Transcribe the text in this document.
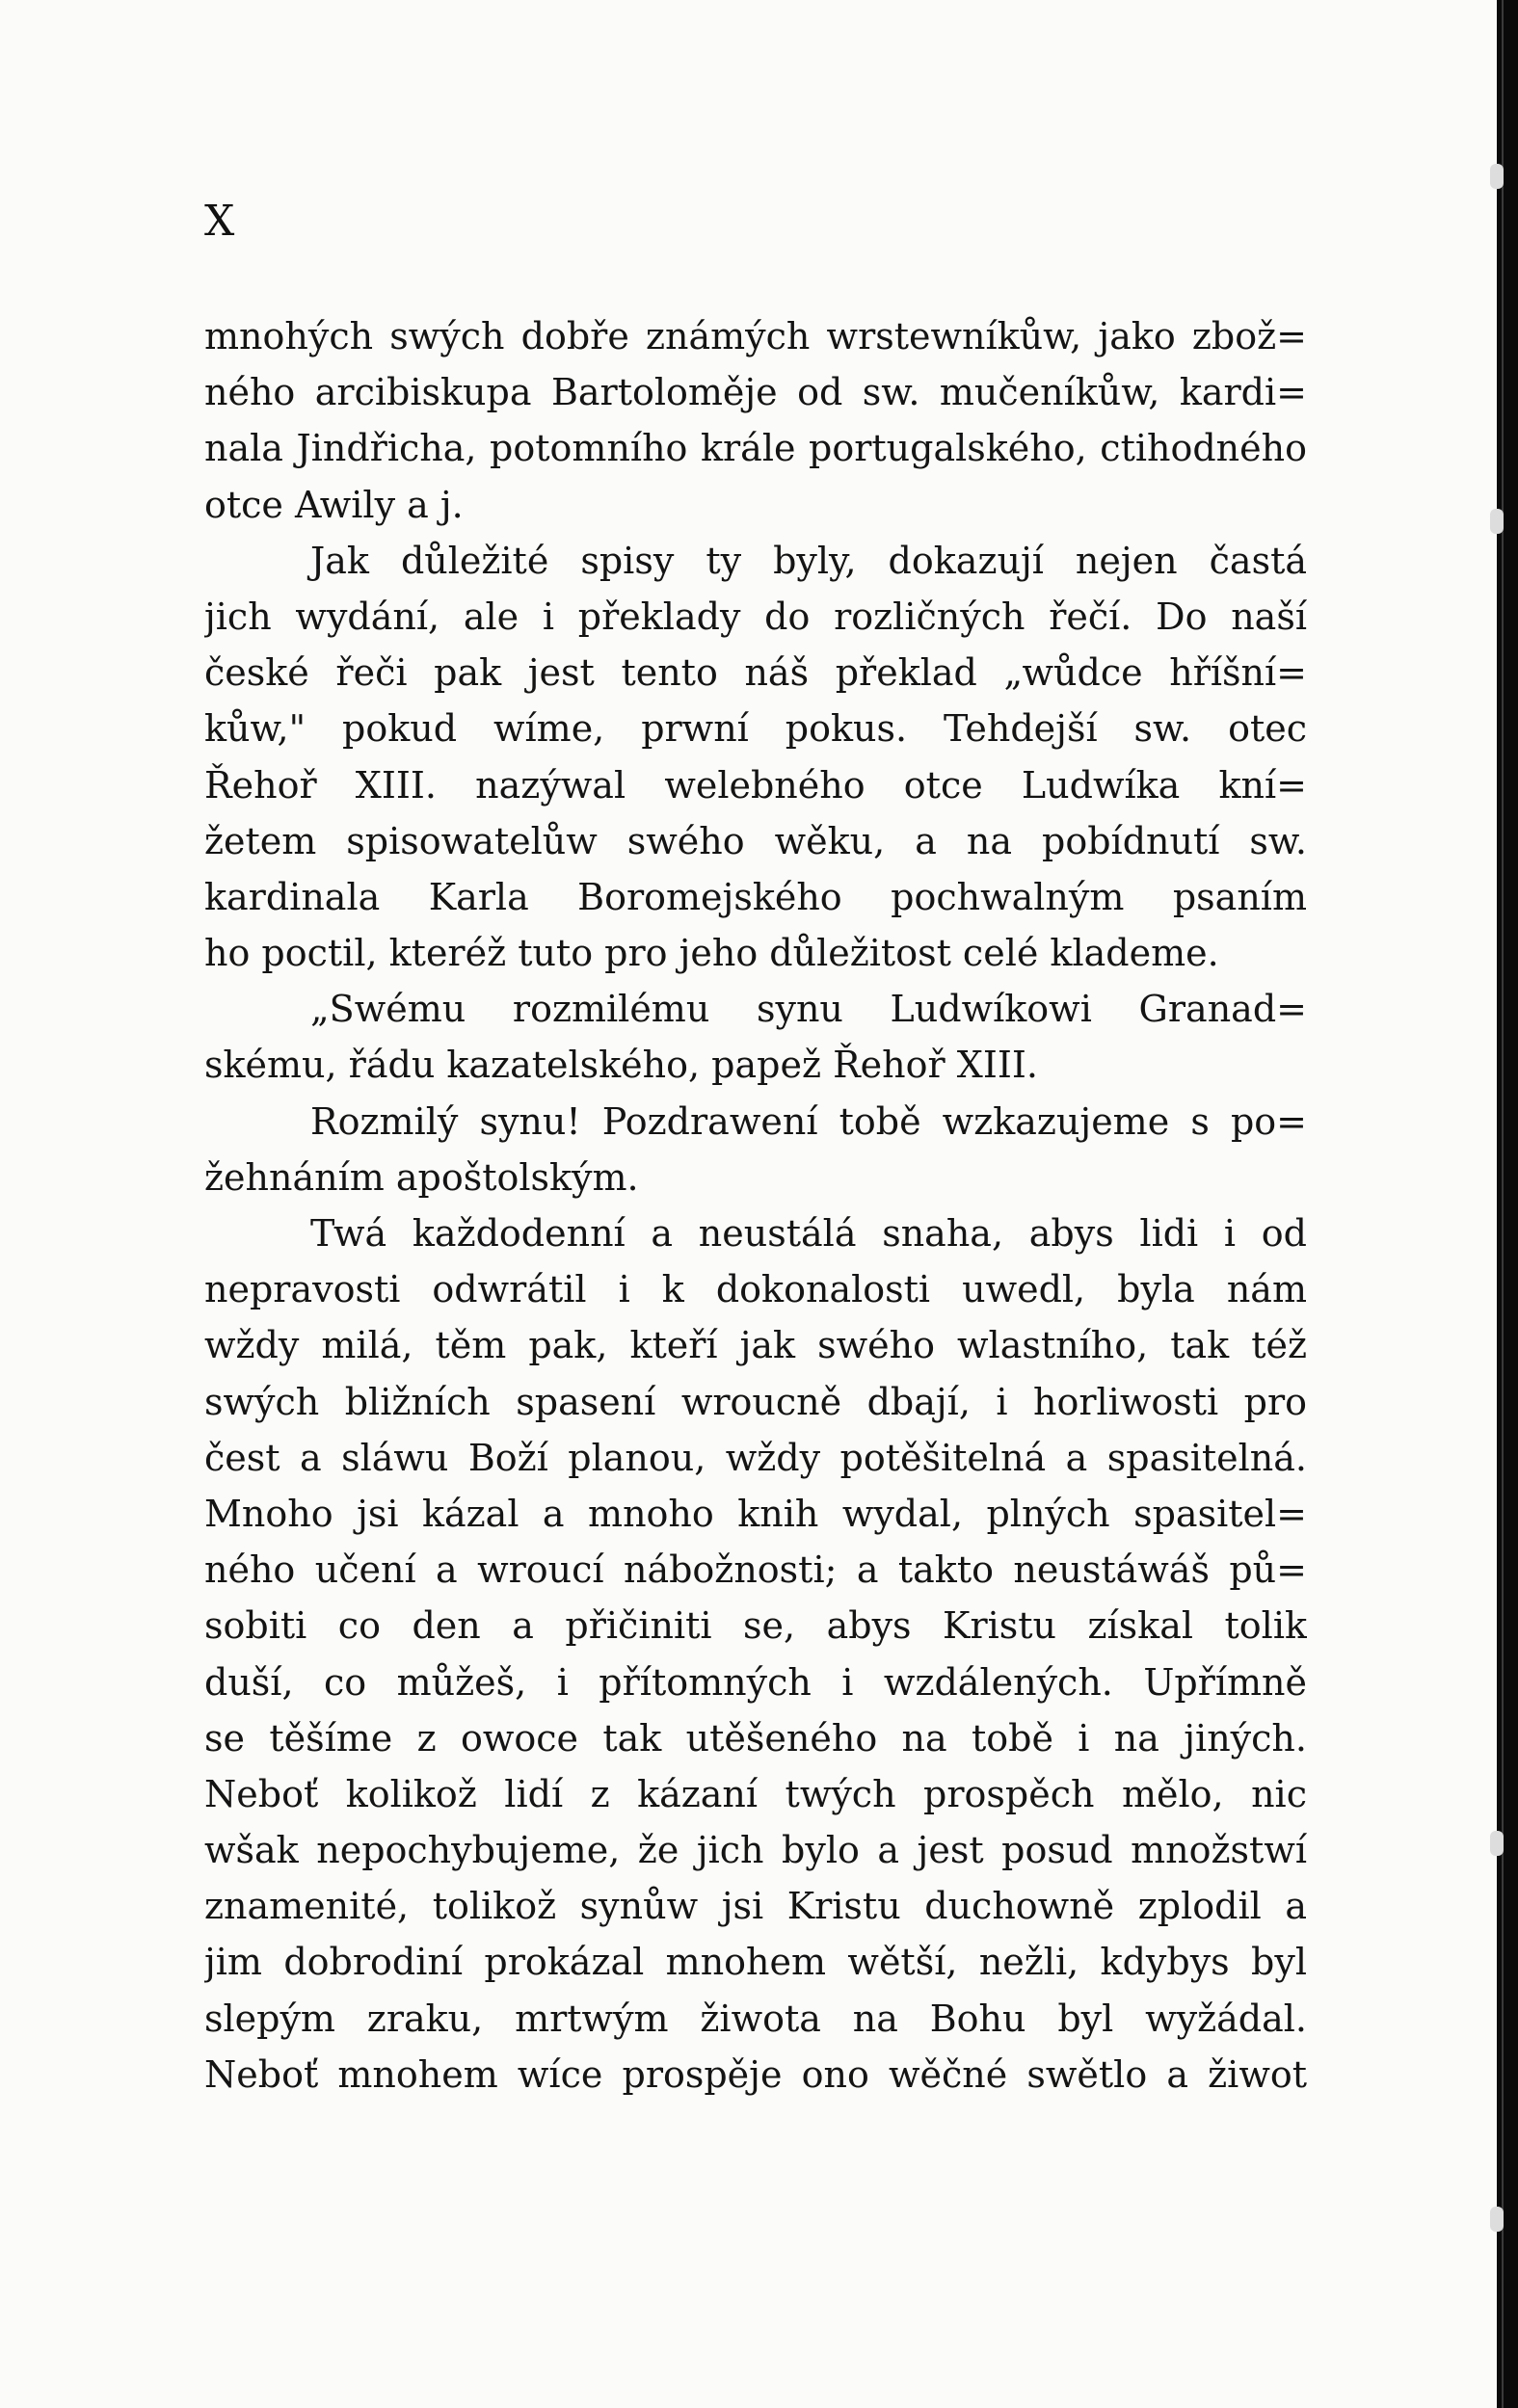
X
mnohých swých dobře známých wrstewníkůw, jako zbož=
ného arcibiskupa Bartoloměje od sw. mučeníkůw, kardi=
nala Jindřicha, potomního krále portugalského, ctihodného
otce Awily a j.
Jak důležité spisy ty byly, dokazují nejen častá
jich wydání, ale i překlady do rozličných řečí. Do naší
české řeči pak jest tento náš překlad „wůdce hříšní=
kůw," pokud wíme, prwní pokus. Tehdejší sw. otec
Řehoř XIII. nazýwal welebného otce Ludwíka kní=
žetem spisowatelůw swého wěku, a na pobídnutí sw.
kardinala Karla Boromejského pochwalným psaním
ho poctil, kteréž tuto pro jeho důležitost celé klademe.
„Swému rozmilému synu Ludwíkowi Granad=
skému, řádu kazatelského, papež Řehoř XIII.
Rozmilý synu! Pozdrawení tobě wzkazujeme s po=
žehnáním apoštolským.
Twá každodenní a neustálá snaha, abys lidi i od
nepravosti odwrátil i k dokonalosti uwedl, byla nám
wždy milá, těm pak, kteří jak swého wlastního, tak též
swých bližních spasení wroucně dbají, i horliwosti pro
čest a sláwu Boží planou, wždy potěšitelná a spasitelná.
Mnoho jsi kázal a mnoho knih wydal, plných spasitel=
ného učení a wroucí nábožnosti; a takto neustáwáš pů=
sobiti co den a přičiniti se, abys Kristu získal tolik
duší, co můžeš, i přítomných i wzdálených. Upřímně
se těšíme z owoce tak utěšeného na tobě i na jiných.
Neboť kolikož lidí z kázaní twých prospěch mělo, nic
wšak nepochybujeme, že jich bylo a jest posud množstwí
znamenité, tolikož synůw jsi Kristu duchowně zplodil a
jim dobrodiní prokázal mnohem wětší, nežli, kdybys byl
slepým zraku, mrtwým žiwota na Bohu byl wyžádal.
Neboť mnohem wíce prospěje ono wěčné swětlo a žiwot
